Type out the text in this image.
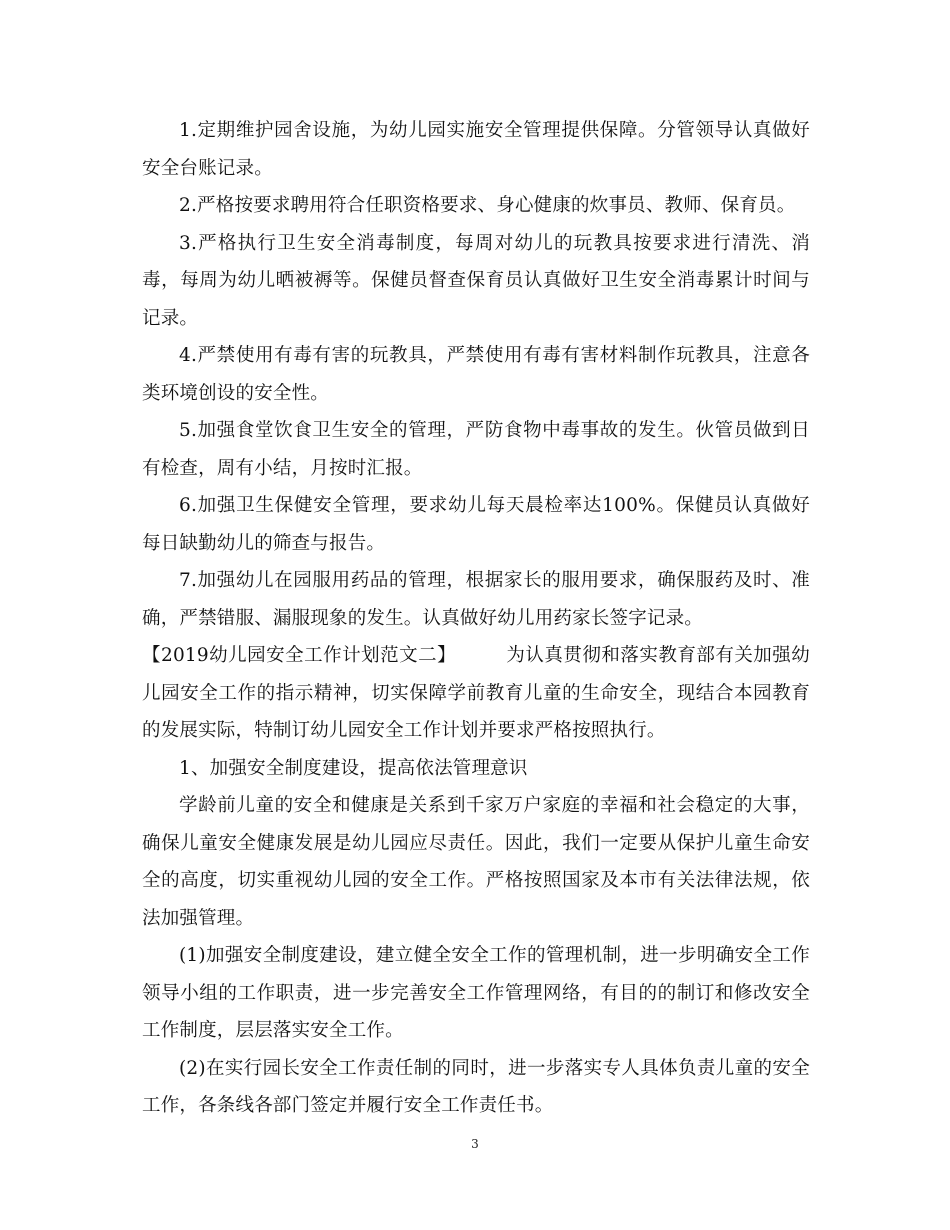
1.定期维护园舍设施，为幼儿园实施安全管理提供保障。分管领导认真做好安全台账记录。

2.严格按要求聘用符合任职资格要求、身心健康的炊事员、教师、保育员。

3.严格执行卫生安全消毒制度，每周对幼儿的玩教具按要求进行清洗、消毒，每周为幼儿晒被褥等。保健员督查保育员认真做好卫生安全消毒累计时间与记录。

4.严禁使用有毒有害的玩教具，严禁使用有毒有害材料制作玩教具，注意各类环境创设的安全性。

5.加强食堂饮食卫生安全的管理，严防食物中毒事故的发生。伙管员做到日有检查，周有小结，月按时汇报。

6.加强卫生保健安全管理，要求幼儿每天晨检率达100%。保健员认真做好每日缺勤幼儿的筛查与报告。

7.加强幼儿在园服用药品的管理，根据家长的服用要求，确保服药及时、准确，严禁错服、漏服现象的发生。认真做好幼儿用药家长签字记录。

【2019幼儿园安全工作计划范文二】	为认真贯彻和落实教育部有关加强幼儿园安全工作的指示精神，切实保障学前教育儿童的生命安全，现结合本园教育的发展实际，特制订幼儿园安全工作计划并要求严格按照执行。

1、加强安全制度建设，提高依法管理意识

学龄前儿童的安全和健康是关系到千家万户家庭的幸福和社会稳定的大事，确保儿童安全健康发展是幼儿园应尽责任。因此，我们一定要从保护儿童生命安全的高度，切实重视幼儿园的安全工作。严格按照国家及本市有关法律法规，依法加强管理。

(1)加强安全制度建设，建立健全安全工作的管理机制，进一步明确安全工作领导小组的工作职责，进一步完善安全工作管理网络，有目的的制订和修改安全工作制度，层层落实安全工作。

(2)在实行园长安全工作责任制的同时，进一步落实专人具体负责儿童的安全工作，各条线各部门签定并履行安全工作责任书。

3
